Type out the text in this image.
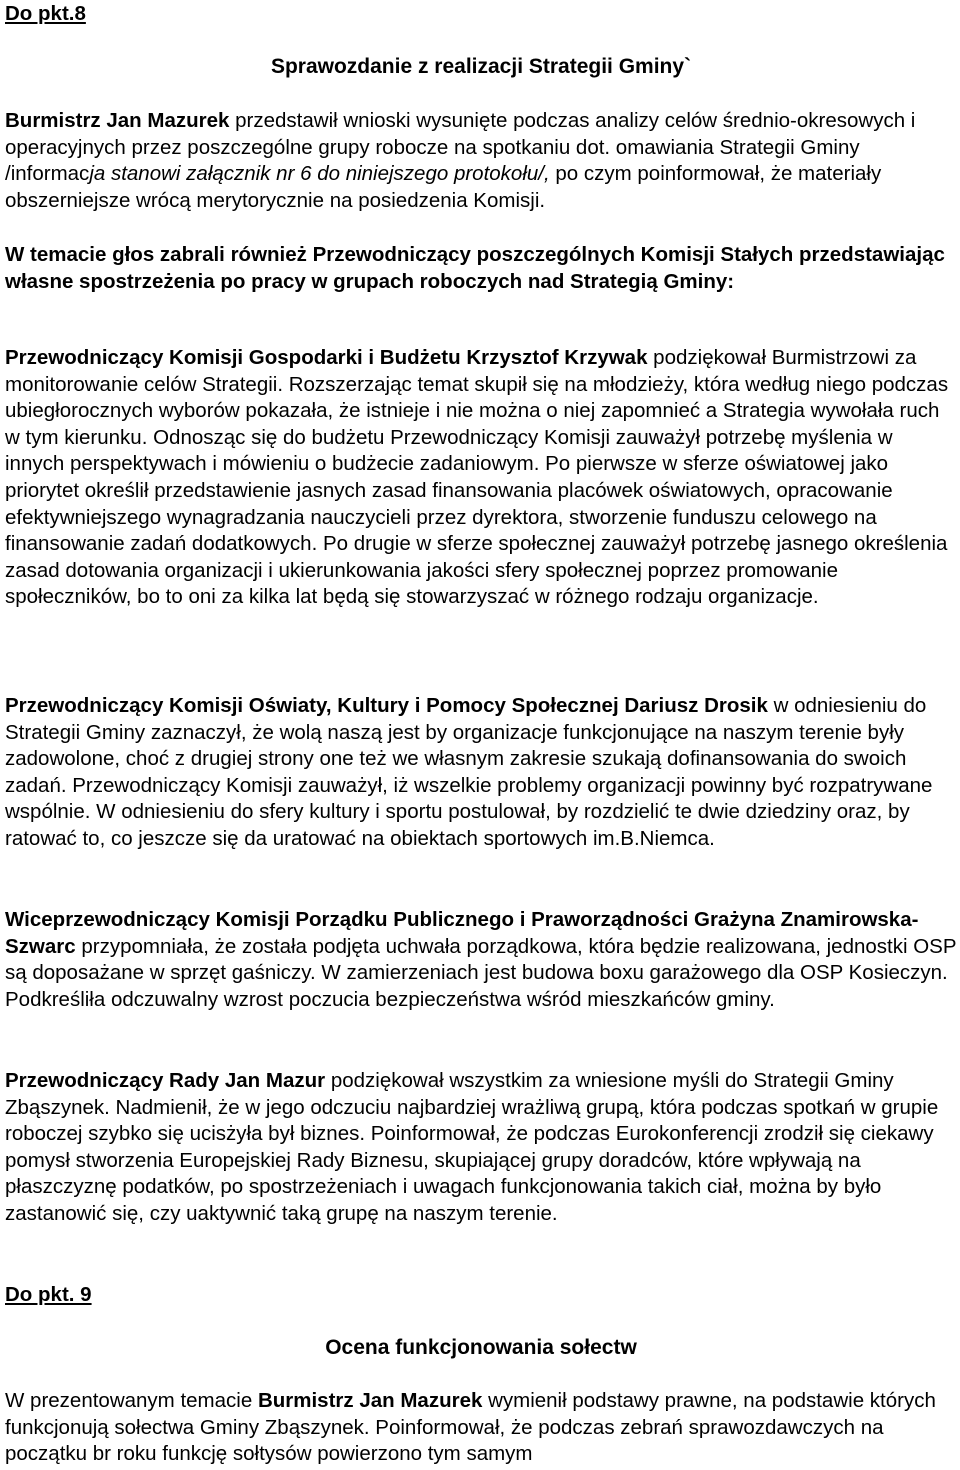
Do pkt.8
Sprawozdanie z realizacji Strategii Gminy`

Burmistrz Jan Mazurek przedstawił wnioski wysunięte podczas analizy celów średnio-okresowych i operacyjnych przez poszczególne grupy robocze na spotkaniu dot. omawiania Strategii Gminy /informacja stanowi załącznik nr 6 do niniejszego protokołu/, po czym poinformował, że materiały obszerniejsze wrócą merytorycznie na posiedzenia Komisji.

W temacie głos zabrali również Przewodniczący poszczególnych Komisji Stałych przedstawiając własne spostrzeżenia po pracy w grupach roboczych nad Strategią Gminy:

Przewodniczący Komisji Gospodarki i Budżetu Krzysztof Krzywak podziękował Burmistrzowi za monitorowanie celów Strategii. Rozszerzając temat skupił się na młodzieży, która według niego podczas ubiegłorocznych wyborów pokazała, że istnieje i nie można o niej zapomnieć a Strategia wywołała ruch w tym kierunku. Odnosząc się do budżetu Przewodniczący Komisji zauważył potrzebę myślenia w innych perspektywach i mówieniu o budżecie zadaniowym. Po pierwsze w sferze oświatowej jako priorytet określił przedstawienie jasnych zasad finansowania placówek oświatowych, opracowanie efektywniejszego wynagradzania nauczycieli przez dyrektora, stworzenie funduszu celowego na finansowanie zadań dodatkowych. Po drugie w sferze społecznej zauważył potrzebę jasnego określenia zasad dotowania organizacji i ukierunkowania jakości sfery społecznej poprzez promowanie społeczników, bo to oni za kilka lat będą się stowarzyszać w różnego rodzaju organizacje.

Przewodniczący Komisji Oświaty, Kultury i Pomocy Społecznej Dariusz Drosik w odniesieniu do Strategii Gminy zaznaczył, że wolą naszą jest by organizacje funkcjonujące na naszym terenie były zadowolone, choć z drugiej strony one też we własnym zakresie szukają dofinansowania do swoich zadań. Przewodniczący Komisji zauważył, iż wszelkie problemy organizacji powinny być rozpatrywane wspólnie. W odniesieniu do sfery kultury i sportu postulował, by rozdzielić te dwie dziedziny oraz, by ratować to, co jeszcze się da uratować na obiektach sportowych im.B.Niemca.

Wiceprzewodniczący Komisji Porządku Publicznego i Praworządności Grażyna Znamirowska-Szwarc przypomniała, że została podjęta uchwała porządkowa, która będzie realizowana, jednostki OSP są doposażane w sprzęt gaśniczy. W zamierzeniach jest budowa boxu garażowego dla OSP Kosieczyn. Podkreśliła odczuwalny wzrost poczucia bezpieczeństwa wśród mieszkańców gminy.

Przewodniczący Rady Jan Mazur podziękował wszystkim za wniesione myśli do Strategii Gminy Zbąszynek. Nadmienił, że w jego odczuciu najbardziej wrażliwą grupą, która podczas spotkań w grupie roboczej szybko się ucisżyła był biznes. Poinformował, że podczas Eurokonferencji zrodził się ciekawy pomysł stworzenia Europejskiej Rady Biznesu, skupiającej grupy doradców, które wpływają na płaszczyznę podatków, po spostrzeżeniach i uwagach funkcjonowania takich ciał, można by było zastanowić się, czy uaktywnić taką grupę na naszym terenie.

Do pkt. 9
Ocena funkcjonowania sołectw

W prezentowanym temacie Burmistrz Jan Mazurek wymienił podstawy prawne, na podstawie których funkcjonują sołectwa Gminy Zbąszynek. Poinformował, że podczas zebrań sprawozdawczych na początku br roku funkcję sołtysów powierzono tym samym
